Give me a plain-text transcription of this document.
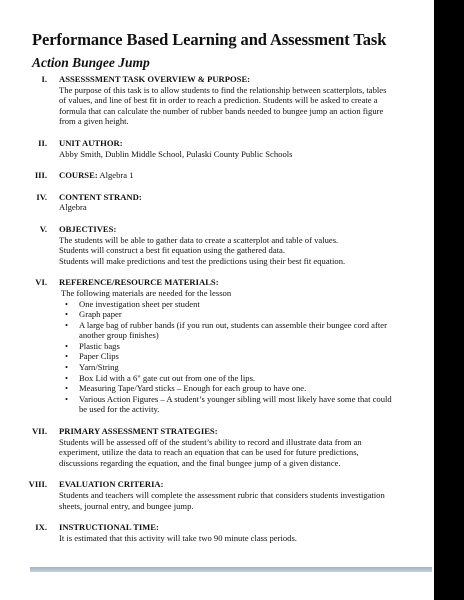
Performance Based Learning and Assessment Task
Action Bungee Jump
I. ASSESSSMENT TASK OVERVIEW & PURPOSE:

The purpose of this task is to allow students to find the relationship between scatterplots, tables of values, and line of best fit in order to reach a prediction. Students will be asked to create a formula that can calculate the number of rubber bands needed to bungee jump an action figure from a given height.

II. UNIT AUTHOR:

Abby Smith, Dublin Middle School, Pulaski County Public Schools

III. COURSE: Algebra 1
IV. CONTENT STRAND:

Algebra

V. OBJECTIVES:
The students will be able to gather data to create a scatterplot and table of values.
Students will construct a best fit equation using the gathered data.
Students will make predictions and test the predictions using their best fit equation.
VI. REFERENCE/RESOURCE MATERIALS:
The following materials are needed for the lesson
• One investigation sheet per student
• Graph paper
• A large bag of rubber bands (if you run out, students can assemble their bungee cord after another group finishes)
• Plastic bags
• Paper Clips
• Yarn/String
• Box Lid with a 6" gate cut out from one of the lips.
• Measuring Tape/Yard sticks – Enough for each group to have one.
• Various Action Figures – A student’s younger sibling will most likely have some that could be used for the activity.
VII. PRIMARY ASSESSMENT STRATEGIES:

Students will be assessed off of the student’s ability to record and illustrate data from an experiment, utilize the data to reach an equation that can be used for future predictions, discussions regarding the equation, and the final bungee jump of a given distance.

VIII. EVALUATION CRITERIA:

Students and teachers will complete the assessment rubric that considers students investigation sheets, journal entry, and bungee jump.

IX. INSTRUCTIONAL TIME:

It is estimated that this activity will take two 90 minute class periods.
